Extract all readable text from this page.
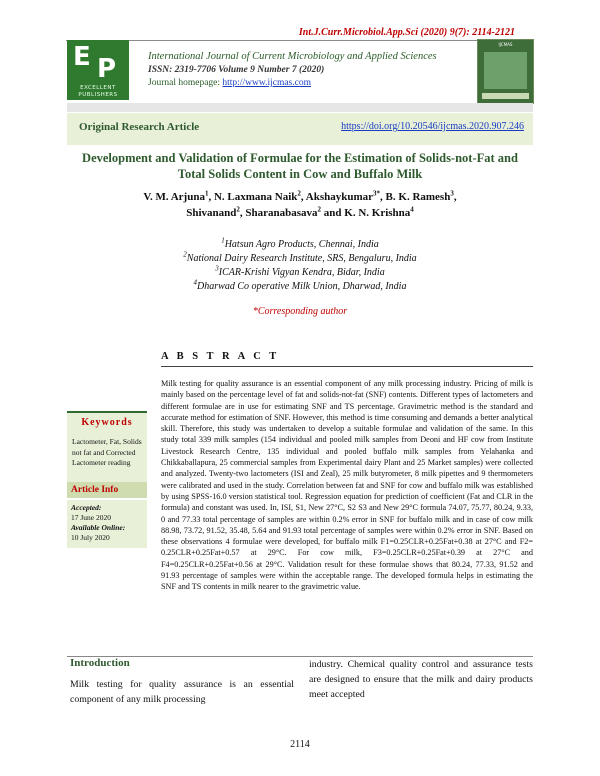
Int.J.Curr.Microbiol.App.Sci (2020) 9(7): 2114-2121
E P
EXCELLENT
PUBLISHERS
International Journal of Current Microbiology and Applied Sciences
ISSN: 2319-7706 Volume 9 Number 7 (2020)
Journal homepage: http://www.ijcmas.com
IJCMAS
Original Research Article	https://doi.org/10.20546/ijcmas.2020.907.246
Development and Validation of Formulae for the Estimation of Solids-not-Fat and Total Solids Content in Cow and Buffalo Milk
V. M. Arjuna$^1$, N. Laxmana Naik$^2$, Akshaykumar$^{3*}$, B. K. Ramesh$^3$,
Shivanand$^2$, Sharanabasava$^2$ and K. N. Krishna$^4$
$^1$Hatsun Agro Products, Chennai, India
$^2$National Dairy Research Institute, SRS, Bengaluru, India
$^3$ICAR-Krishi Vigyan Kendra, Bidar, India
$^4$Dharwad Co operative Milk Union, Dharwad, India
*Corresponding author
A B S T R A C T
Milk testing for quality assurance is an essential component of any milk processing industry. Pricing of milk is mainly based on the percentage level of fat and solids-not-fat (SNF) contents. Different types of lactometers and different formulae are in use for estimating SNF and TS percentage. Gravimetric method is the standard and accurate method for estimation of SNF. However, this method is time consuming and demands a better analytical skill. Therefore, this study was undertaken to develop a suitable formulae and validation of the same. In this study total 339 milk samples (154 individual and pooled milk samples from Deoni and HF cow from Institute Livestock Research Centre, 135 individual and pooled buffalo milk samples from Yelahanka and Chikkaballapura, 25 commercial samples from Experimental dairy Plant and 25 Market samples) were collected and analyzed. Twenty-two lactometers (ISI and Zeal), 25 milk butyrometer, 8 milk pipettes and 9 thermometers were calibrated and used in the study. Correlation between fat and SNF for cow and buffalo milk was established by using SPSS-16.0 version statistical tool. Regression equation for prediction of coefficient (Fat and CLR in the formula) and constant was used. In, ISI, S1, New 27°C, S2 S3 and New 29°C formula 74.07, 75.77, 80.24, 9.33, 0 and 77.33 total percentage of samples are within 0.2% error in SNF for buffalo milk and in case of cow milk 88.98, 73.72, 91.52, 35.48, 5.64 and 91.93 total percentage of samples were within 0.2% error in SNF. Based on these observations 4 formulae were developed, for buffalo milk F1=0.25CLR+0.25Fat+0.38 at 27°C and F2= 0.25CLR+0.25Fat+0.57 at 29°C. For cow milk, F3=0.25CLR+0.25Fat+0.39 at 27°C and F4=0.25CLR+0.25Fat+0.56 at 29°C. Validation result for these formulae shows that 80.24, 77.33, 91.52 and 91.93 percentage of samples were within the acceptable range. The developed formula helps in estimating the SNF and TS contents in milk nearer to the gravimetric value.
Keywords
Lactometer, Fat, Solids not fat and Corrected Lactometer reading
Article Info
Accepted:
17 June 2020
Available Online:
10 July 2020
Introduction
Milk testing for quality assurance is an essential component of any milk processing
industry. Chemical quality control and assurance tests are designed to ensure that the milk and dairy products meet accepted
2114
